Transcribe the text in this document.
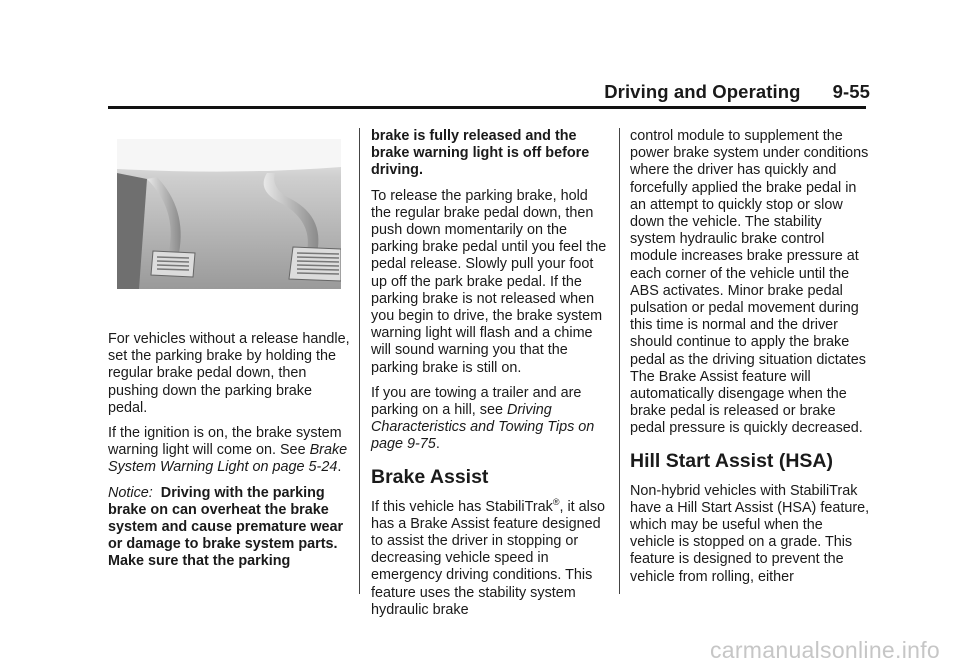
Driving and Operating 9-55

For vehicles without a release handle, set the parking brake by holding the regular brake pedal down, then pushing down the parking brake pedal.

If the ignition is on, the brake system warning light will come on. See Brake System Warning Light on page 5-24.

Notice: Driving with the parking brake on can overheat the brake system and cause premature wear or damage to brake system parts. Make sure that the parking

brake is fully released and the brake warning light is off before driving.

To release the parking brake, hold the regular brake pedal down, then push down momentarily on the parking brake pedal until you feel the pedal release. Slowly pull your foot up off the park brake pedal. If the parking brake is not released when you begin to drive, the brake system warning light will flash and a chime will sound warning you that the parking brake is still on.

If you are towing a trailer and are parking on a hill, see Driving Characteristics and Towing Tips on page 9-75.

Brake Assist

If this vehicle has StabiliTrak®, it also has a Brake Assist feature designed to assist the driver in stopping or decreasing vehicle speed in emergency driving conditions. This feature uses the stability system hydraulic brake

control module to supplement the power brake system under conditions where the driver has quickly and forcefully applied the brake pedal in an attempt to quickly stop or slow down the vehicle. The stability system hydraulic brake control module increases brake pressure at each corner of the vehicle until the ABS activates. Minor brake pedal pulsation or pedal movement during this time is normal and the driver should continue to apply the brake pedal as the driving situation dictates The Brake Assist feature will automatically disengage when the brake pedal is released or brake pedal pressure is quickly decreased.

Hill Start Assist (HSA)

Non-hybrid vehicles with StabiliTrak have a Hill Start Assist (HSA) feature, which may be useful when the vehicle is stopped on a grade. This feature is designed to prevent the vehicle from rolling, either

carmanualsonline.info
